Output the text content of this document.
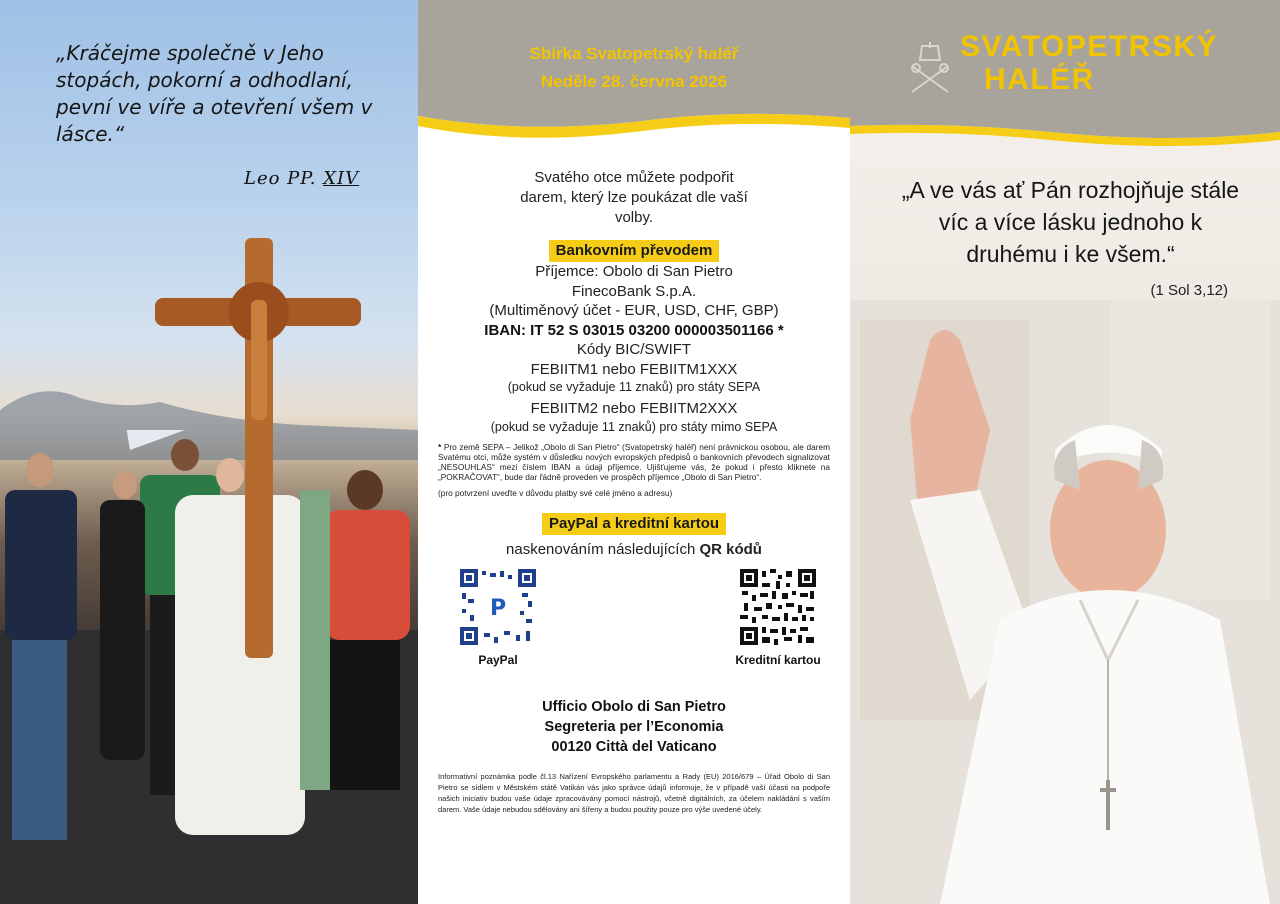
„Kráčejme společně v Jeho stopách, pokorní a odhodlaní, pevní ve víře a otevření všem v lásce.“
Leo PP. XIV
Sbírka Svatopetrský haléř
Neděle 28. června 2026
Svatého otce můžete podpořit darem, který lze poukázat dle vaší volby.
Bankovním převodem
Příjemce: Obolo di San Pietro
FinecoBank S.p.A.
(Multiměnový účet - EUR, USD, CHF, GBP)
IBAN: IT 52 S 03015 03200 000003501166 *
Kódy BIC/SWIFT
FEBIITM1 nebo FEBIITM1XXX
(pokud se vyžaduje 11 znaků) pro státy SEPA
FEBIITM2 nebo FEBIITM2XXX
(pokud se vyžaduje 11 znaků) pro státy mimo SEPA
* Pro země SEPA – Jelikož „Obolo di San Pietro“ (Svatopetrský haléř) není právnickou osobou, ale darem Svatému otci, může systém v důsledku nových evropských předpisů o bankovních převodech signalizovat „NESOUHLAS“ mezi číslem IBAN a údaji příjemce. Ujišťujeme vás, že pokud i přesto kliknete na „POKRAČOVAT“, bude dar řádně proveden ve prospěch příjemce „Obolo di San Pietro“.
(pro potvrzení uveďte v důvodu platby své celé jméno a adresu)
PayPal a kreditní kartou
naskenováním následujících QR kódů
P
PayPal	Kreditní kartou
Ufficio Obolo di San Pietro
Segreteria per l’Economia
00120 Città del Vaticano
Informativní poznámka podle čl.13 Nařízení Evropského parlamentu a Rady (EU) 2016/679 – Úřad Obolo di San Pietro se sídlem v Městském státě Vatikán vás jako správce údajů informuje, že v případě vaší účasti na podpoře našich iniciativ budou vaše údaje zpracovávány pomocí nástrojů, včetně digitálních, za účelem nakládání s vaším darem. Vaše údaje nebudou sdělovány ani šířeny a budou použity pouze pro výše uvedené účely.
SVATOPETRSKÝ
HALÉŘ
„A ve vás ať Pán rozhojňuje stále víc a více lásku jednoho k druhému i ke všem.“
(1 Sol 3,12)
